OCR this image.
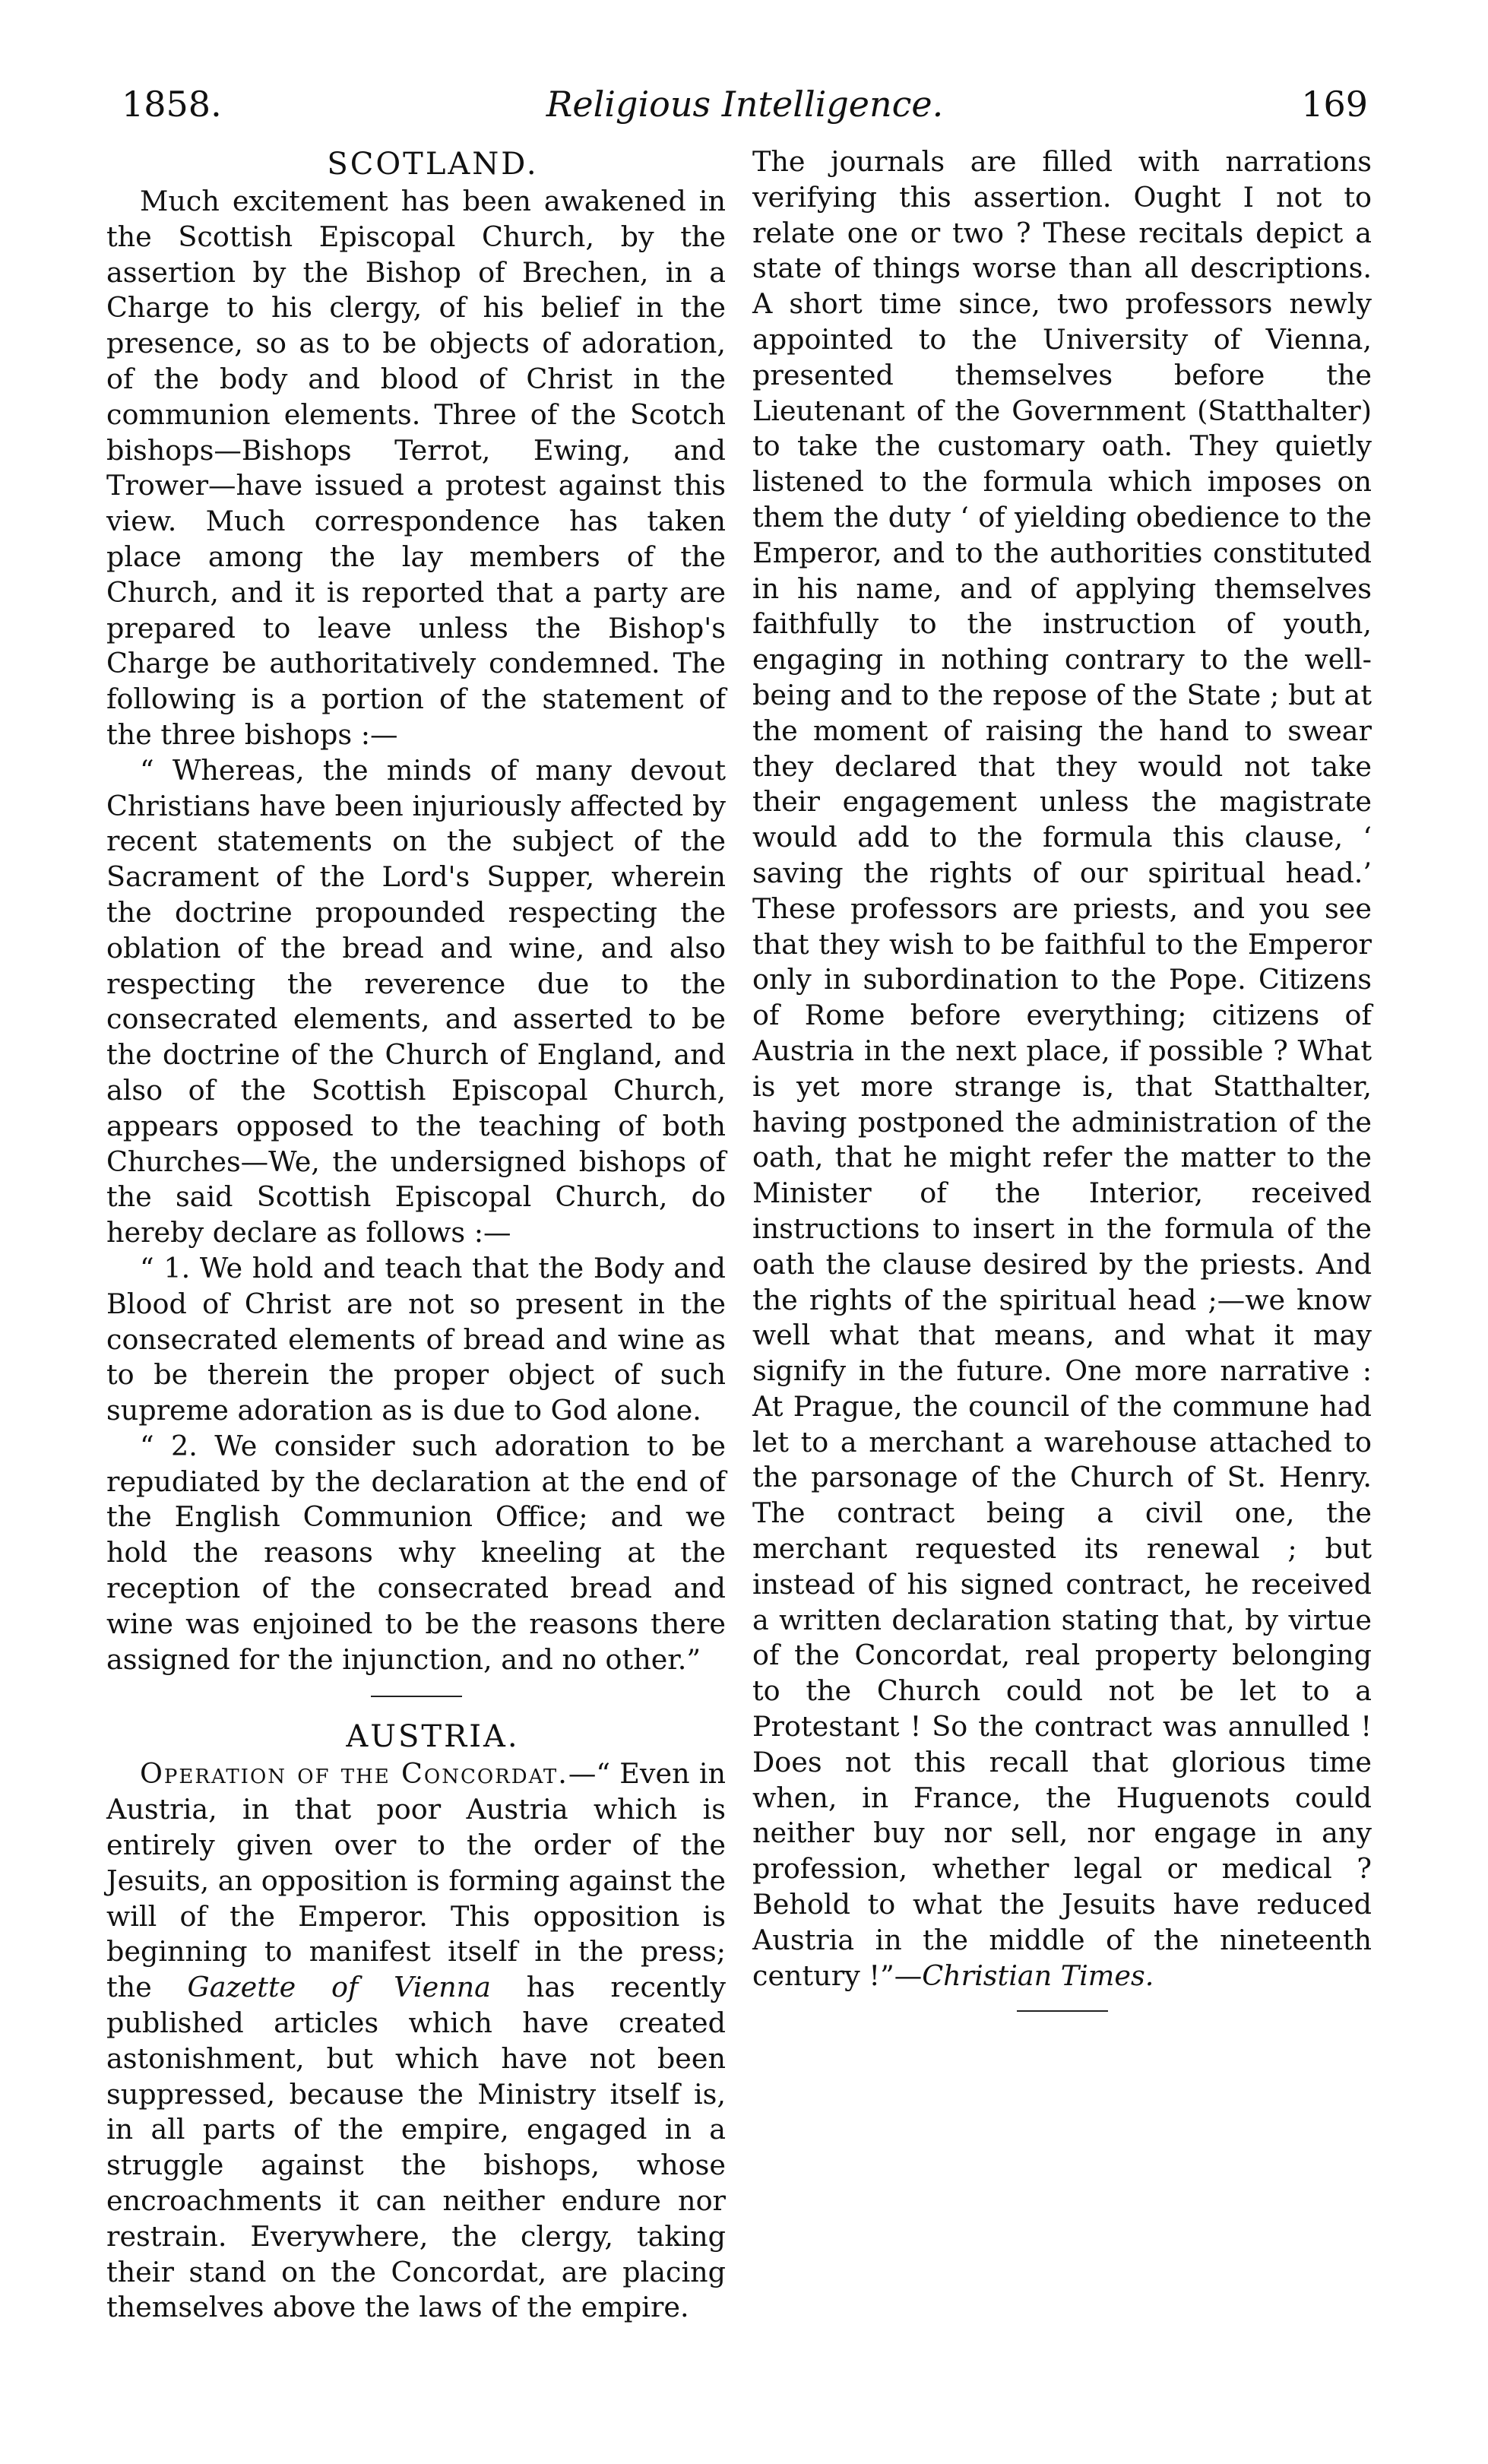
1858.	Religious Intelligence.	169

SCOTLAND.

Much excitement has been awakened in the Scottish Episcopal Church, by the assertion by the Bishop of Brechen, in a Charge to his clergy, of his belief in the presence, so as to be objects of adoration, of the body and blood of Christ in the communion elements. Three of the Scotch bishops—Bishops Terrot, Ewing, and Trower—have issued a protest against this view. Much correspondence has taken place among the lay members of the Church, and it is reported that a party are prepared to leave unless the Bishop's Charge be authoritatively condemned. The following is a portion of the statement of the three bishops :—

“ Whereas, the minds of many devout Christians have been injuriously affected by recent statements on the subject of the Sacrament of the Lord's Supper, wherein the doctrine propounded respecting the oblation of the bread and wine, and also respecting the reverence due to the consecrated elements, and asserted to be the doctrine of the Church of England, and also of the Scottish Episcopal Church, appears opposed to the teaching of both Churches—We, the undersigned bishops of the said Scottish Episcopal Church, do hereby declare as follows :—

“ 1. We hold and teach that the Body and Blood of Christ are not so present in the consecrated elements of bread and wine as to be therein the proper object of such supreme adoration as is due to God alone.

“ 2. We consider such adoration to be repudiated by the declaration at the end of the English Communion Office; and we hold the reasons why kneeling at the reception of the consecrated bread and wine was enjoined to be the reasons there assigned for the injunction, and no other.”

AUSTRIA.

Operation of the Concordat.—“ Even in Austria, in that poor Austria which is entirely given over to the order of the Jesuits, an opposition is forming against the will of the Emperor. This opposition is beginning to manifest itself in the press; the Gazette of Vienna has recently published articles which have created astonishment, but which have not been suppressed, because the Ministry itself is, in all parts of the empire, engaged in a struggle against the bishops, whose encroachments it can neither endure nor restrain. Everywhere, the clergy, taking their stand on the Concordat, are placing themselves above the laws of the empire.

The journals are filled with narrations verifying this assertion. Ought I not to relate one or two ? These recitals depict a state of things worse than all descriptions. A short time since, two professors newly appointed to the University of Vienna, presented themselves before the Lieutenant of the Government (Statthalter) to take the customary oath. They quietly listened to the formula which imposes on them the duty ‘ of yielding obedience to the Emperor, and to the authorities constituted in his name, and of applying themselves faithfully to the instruction of youth, engaging in nothing contrary to the well-being and to the repose of the State ; but at the moment of raising the hand to swear they declared that they would not take their engagement unless the magistrate would add to the formula this clause, ‘ saving the rights of our spiritual head.’ These professors are priests, and you see that they wish to be faithful to the Emperor only in subordination to the Pope. Citizens of Rome before everything; citizens of Austria in the next place, if possible ? What is yet more strange is, that Statthalter, having postponed the administration of the oath, that he might refer the matter to the Minister of the Interior, received instructions to insert in the formula of the oath the clause desired by the priests. And the rights of the spiritual head ;—we know well what that means, and what it may signify in the future. One more narrative : At Prague, the council of the commune had let to a merchant a warehouse attached to the parsonage of the Church of St. Henry. The contract being a civil one, the merchant requested its renewal ; but instead of his signed contract, he received a written declaration stating that, by virtue of the Concordat, real property belonging to the Church could not be let to a Protestant ! So the contract was annulled ! Does not this recall that glorious time when, in France, the Huguenots could neither buy nor sell, nor engage in any profession, whether legal or medical ? Behold to what the Jesuits have reduced Austria in the middle of the nineteenth century !”—Christian Times.
